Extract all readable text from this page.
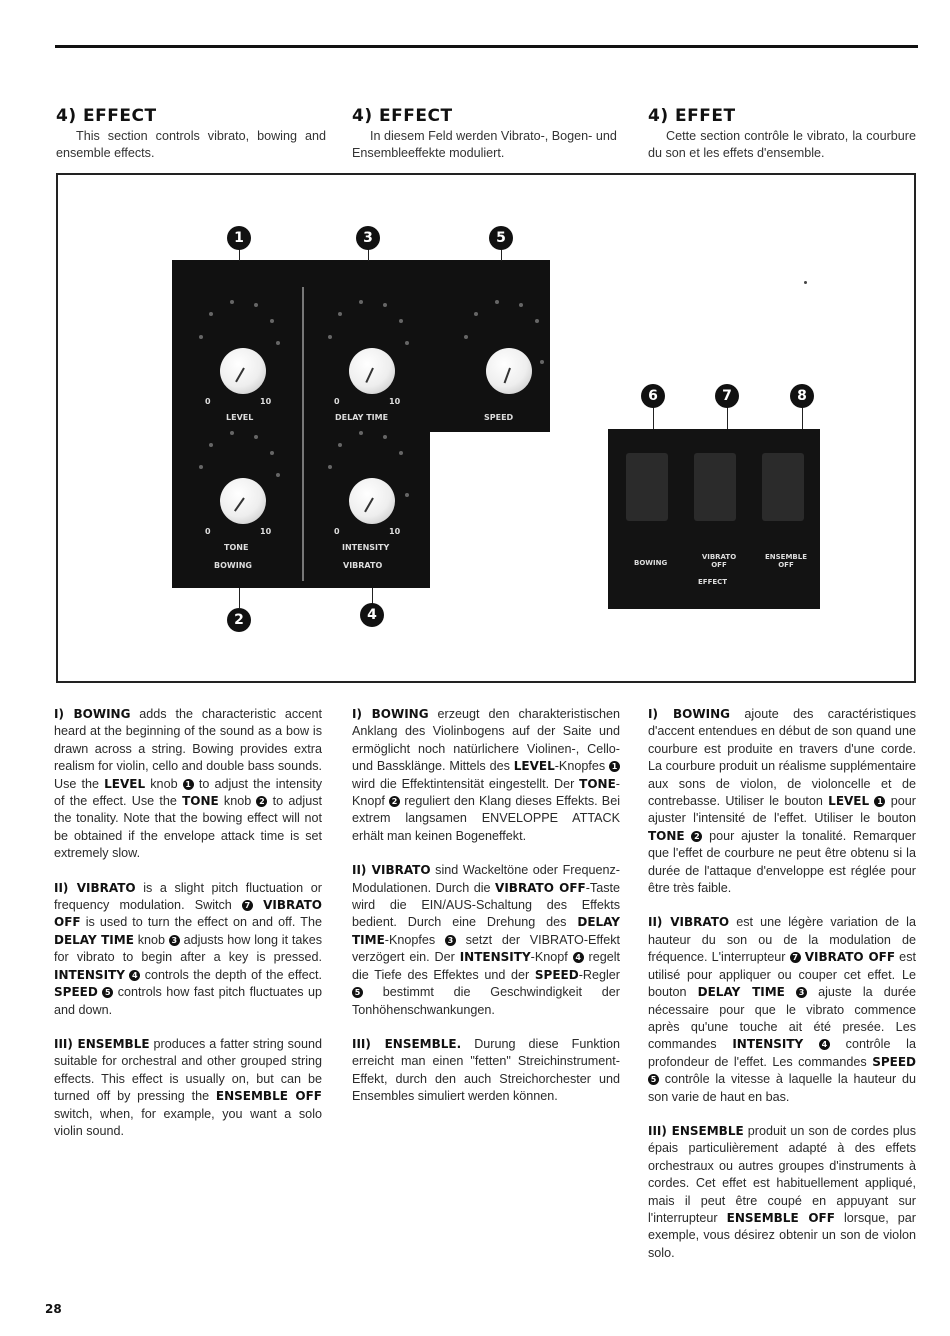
4) EFFECT

This section controls vibrato, bowing and ensemble effects.

4) EFFECT

In diesem Feld werden Vibrato-, Bogen- und Ensembleeffekte moduliert.

4) EFFET

Cette section contrôle le vibrato, la courbure du son et les effets d'ensemble.

0	10	0	10
0	10	0	10
LEVEL	DELAY TIME	SPEED
TONE	INTENSITY
BOWING	VIBRATO	BOWING
VIBRATO OFF
ENSEMBLE OFF
EFFECT
1	3	5
2	4
6	7	8

I) BOWING adds the characteristic accent heard at the beginning of the sound as a bow is drawn across a string. Bowing provides extra realism for violin, cello and double bass sounds. Use the LEVEL knob 1 to adjust the intensity of the effect. Use the TONE knob 2 to adjust the tonality. Note that the bowing effect will not be obtained if the envelope attack time is set extremely slow.

II) VIBRATO is a slight pitch fluctuation or frequency modulation. Switch 7 VIBRATO OFF is used to turn the effect on and off. The DELAY TIME knob 3 adjusts how long it takes for vibrato to begin after a key is pressed. INTENSITY 4 controls the depth of the effect. SPEED 5 controls how fast pitch fluctuates up and down.

III) ENSEMBLE produces a fatter string sound suitable for orchestral and other grouped string effects. This effect is usually on, but can be turned off by pressing the ENSEMBLE OFF switch, when, for example, you want a solo violin sound.

I) BOWING erzeugt den charakteristischen Anklang des Violinbogens auf der Saite und ermöglicht noch natürlichere Violinen-, Cello- und Bassklänge. Mittels des LEVEL-Knopfes 1 wird die Effektintensität eingestellt. Der TONE-Knopf 2 reguliert den Klang dieses Effekts. Bei extrem langsamen ENVELOPPE ATTACK erhält man keinen Bogeneffekt.

II) VIBRATO sind Wackeltöne oder Frequenz-Modulationen. Durch die VIBRATO OFF-Taste wird die EIN/AUS-Schaltung des Effekts bedient. Durch eine Drehung des DELAY TIME-Knopfes 3 setzt der VIBRATO-Effekt verzögert ein. Der INTENSITY-Knopf 4 regelt die Tiefe des Effektes und der SPEED-Regler 5 bestimmt die Geschwindigkeit der Tonhöhenschwankungen.

III) ENSEMBLE. Durung diese Funktion erreicht man einen "fetten" Streichinstrument-Effekt, durch den auch Streichorchester und Ensembles simuliert werden können.

I) BOWING ajoute des caractéristiques d'accent entendues en début de son quand une courbure est produite en travers d'une corde. La courbure produit un réalisme supplémentaire aux sons de violon, de violoncelle et de contrebasse. Utiliser le bouton LEVEL 1 pour ajuster l'intensité de l'effet. Utiliser le bouton TONE 2 pour ajuster la tonalité. Remarquer que l'effet de courbure ne peut être obtenu si la durée de l'attaque d'enveloppe est réglée pour être très faible.

II) VIBRATO est une légère variation de la hauteur du son ou de la modulation de fréquence. L'interrupteur 7 VIBRATO OFF est utilisé pour appliquer ou couper cet effet. Le bouton DELAY TIME 3 ajuste la durée nécessaire pour que le vibrato commence après qu'une touche ait été presée. Les commandes INTENSITY 4 contrôle la profondeur de l'effet. Les commandes SPEED 5 contrôle la vitesse à laquelle la hauteur du son varie de haut en bas.

III) ENSEMBLE produit un son de cordes plus épais particulièrement adapté à des effets orchestraux ou autres groupes d'instruments à cordes. Cet effet est habituellement appliqué, mais il peut être coupé en appuyant sur l'interrupteur ENSEMBLE OFF lorsque, par exemple, vous désirez obtenir un son de violon solo.

28
